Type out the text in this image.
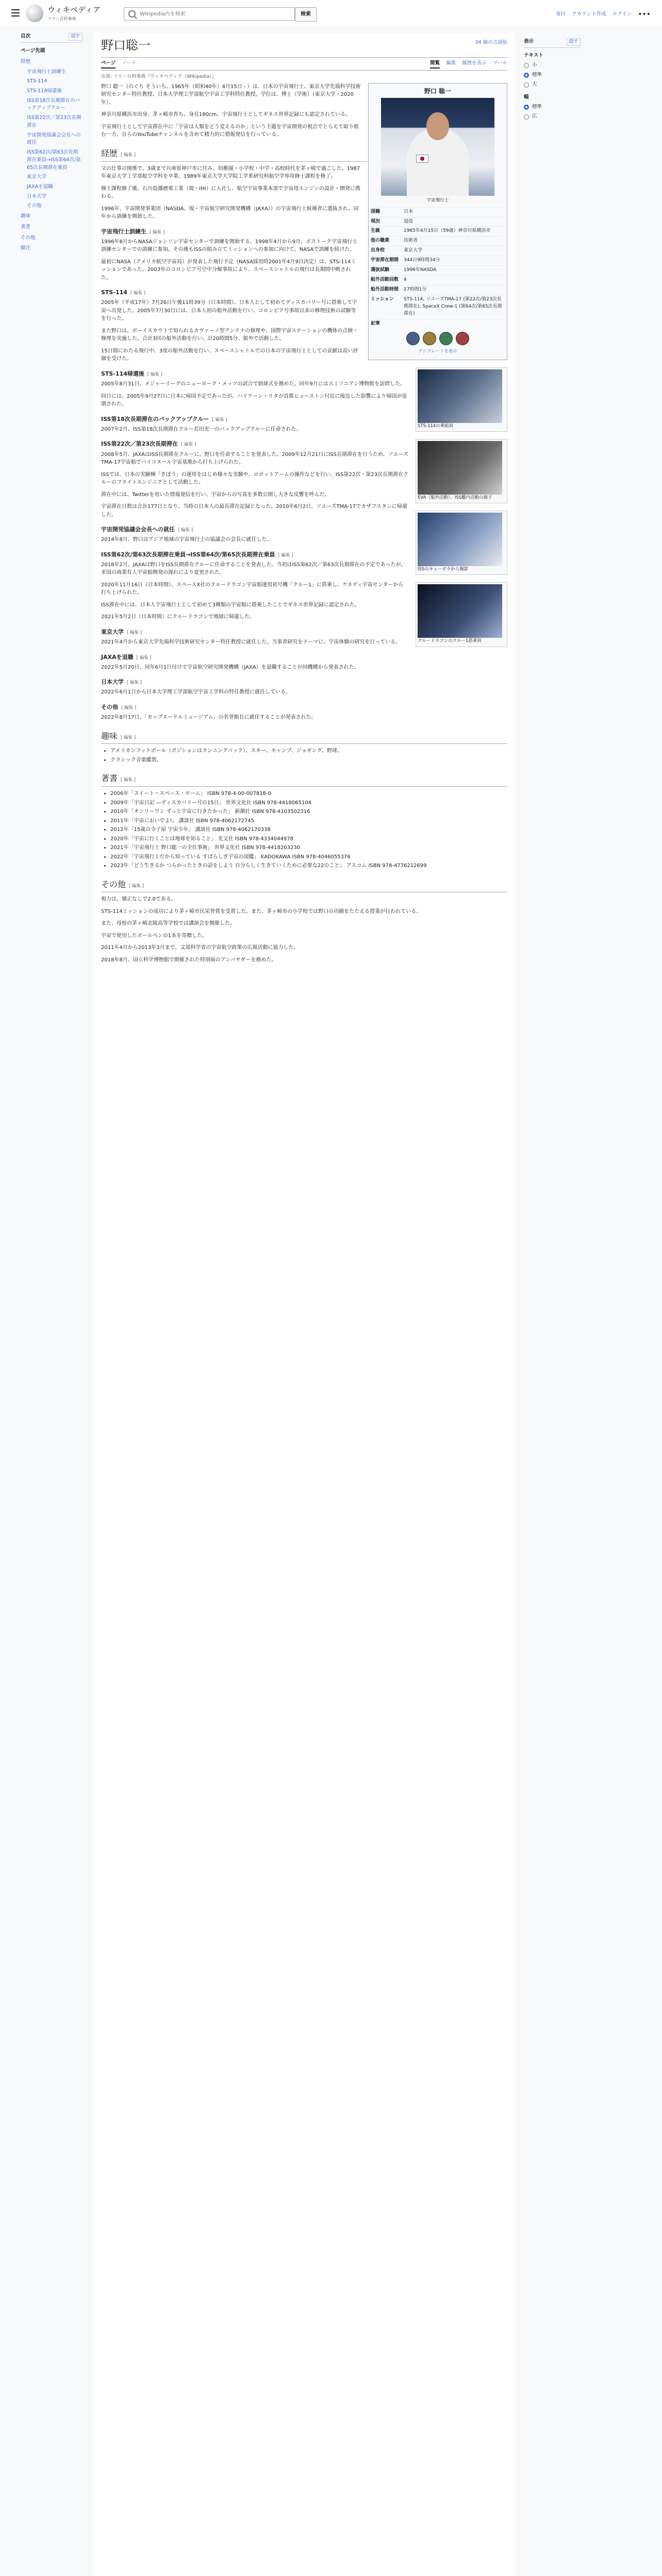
ウィキペディア
フリー百科事典
Wikipedia内を検索
検索	寄付 アカウント作成 ログイン •••
目次	隠す
ページ先頭
経歴
宇宙飛行士訓練生
STS-114
STS-114帰還後
ISS第18次長期滞在のバックアップクルー
ISS第22次／第23次長期滞在
宇宙開発協議会会長への就任
ISS第62次/第63次長期滞在乗員→ISS第64次/第65次長期滞在乗員
東京大学
JAXAを退職
日本大学
その他
趣味
著書
その他
脚注
野口聡一	34 個の言語版
ページ ノート	閲覧 編集 履歴を表示 ツール
出典: フリー百科事典『ウィキペディア（Wikipedia）』
野口 聡一
宇宙飛行士
国籍	日本
現況	退役
生誕	1965年4月15日（59歳）神奈川県横浜市
他の職業	技術者
出身校	東京大学
宇宙滞在期間	344日9時間34分
選抜試験	1996年NASDA
船外活動回数	4
船外活動時間	27時間1分
ミッション	STS-114, ソユーズTMA-17 (第22次/第23次長期滞在), SpaceX Crew-1 (第64次/第65次長期滞在)
記章
テンプレートを表示

野口 聡一（のぐち そういち、1965年（昭和40年）4月15日 - ）は、日本の宇宙飛行士、東京大学先端科学技術研究センター特任教授、日本大学理工学部航空宇宙工学科特任教授。学位は、博士（学術）（東京大学・2020年）。

神奈川県横浜市出身、茅ヶ崎市育ち。身長180cm、宇宙飛行士としてギネス世界記録にも認定されている。

宇宙飛行士として宇宙滞在中に「宇宙は人類をどう変えるのか」という主題を宇宙開発の視点でとらえて取り組む一方、自らのYouTubeチャンネルを含めて精力的に情報発信を行っている。

経歴 [ 編集 ]

父の仕事の関係で、3歳まで兵庫県神戸市に住み、幼稚園・小学校・中学・高校時代を茅ヶ崎で過ごした。1987年東京大学工学部航空学科を卒業、1989年東京大学大学院工学系研究科航空学専攻修士課程を修了。

修士課程修了後、石川島播磨重工業（現・IHI）に入社し、航空宇宙事業本部で宇宙用エンジンの設計・開発に携わる。

1996年、宇宙開発事業団（NASDA、現・宇宙航空研究開発機構（JAXA））の宇宙飛行士候補者に選抜され、同年から訓練を開始した。

宇宙飛行士訓練生 [ 編集 ]

1996年8月からNASAジョンソン宇宙センターで訓練を開始する。1998年4月から9月、ボストーク宇宙飛行士訓練センターでの訓練に参加。その後もISSの組み立てミッションへの参加に向けて、NASAで訓練を続けた。

最初にNASA（アメリカ航空宇宙局）が発表した飛行予定（NASA採用時2001年4月9日決定）は、STS-114ミッションであった。2003年のコロンビア号空中分解事故により、スペースシャトルの飛行は長期間中断された。

STS-114 [ 編集 ]
STS-114の乗組員

2005年（平成17年）7月26日午後11時39分（日本時間）、日本人として初めてディスカバリー号に搭乗して宇宙へ出発した。2005年7月30日には、日本人初の船外活動を行い、コロンビア号事故以来の修理技術の試験等を行った。

また野口は、ボーイスカウトで知られるカヴァーノ型アンテナの修理や、国際宇宙ステーションの機体の点検・修理を実施した。合計3回の船外活動を行い、計20時間5分、船外で活動した。

15日間にわたる飛行中、3度の船外活動を行い、スペースシャトルでの日本の宇宙飛行士としての貢献は高い評価を受けた。

STS-114帰還後 [ 編集 ]
EVA（船外活動）、ISS艦内活動の様子

2005年8月31日、メジャーリーグのニューヨーク・メッツの試合で始球式を務めた。同年9月にはスミソニアン博物館を訪問した。

同日には、2005年9月27日に日本に帰国予定であったが、ハリケーン・リタが首都ヒューストン付近に接近した影響により帰国が延期された。

ISS第18次長期滞在のバックアップクルー [ 編集 ]

2007年2月、ISS第18次長期滞在クルー若田光一のバックアップクルーに任命された。

ISS第22次／第23次長期滞在 [ 編集 ]
ISSのキューポラから撮影

2008年5月、JAXAはISS長期滞在クルーに、野口を任命することを発表した。2009年12月21日にISS長期滞在を行うため、ソユーズTMA-17宇宙船でバイコヌール宇宙基地から打ち上げられた。

ISSでは、日本の実験棟「きぼう」の運用をはじめ様々な実験や、ロボットアームの操作などを行い、ISS第22次・第23次長期滞在クルーのフライトエンジニアとして活動した。

滞在中には、Twitterを用いた情報発信を行い、宇宙からの写真を多数公開し大きな反響を呼んだ。

宇宙滞在日数は合計177日となり、当時の日本人の最長滞在記録となった。2010年6月2日、ソユーズTMA-17でカザフスタンに帰還した。

宇宙開発協議会会長への就任 [ 編集 ]

2014年8月、野口はアジア地域の宇宙飛行士の協議会の会長に就任した。

ISS第62次/第63次長期滞在乗員→ISS第64次/第65次長期滞在乗員 [ 編集 ]
クルードラゴンのクルー1搭乗員

2018年2月、JAXAは野口をISS長期滞在クルーに任命することを発表した。当初はISS第62次／第63次長期滞在の予定であったが、米国の商業有人宇宙船開発の遅れにより変更された。

2020年11月16日（日本時間）、スペースX社のクルードラゴン宇宙船運用初号機「クルー1」に搭乗し、ケネディ宇宙センターから打ち上げられた。

ISS滞在中には、日本人宇宙飛行士として初めて3種類の宇宙船に搭乗したことでギネス世界記録に認定された。

2021年5月2日（日本時間）にクルードラゴンで地球に帰還した。

東京大学 [ 編集 ]

2021年4月から東京大学先端科学技術研究センター特任教授に就任した。当事者研究をテーマに、宇宙体験の研究を行っている。

JAXAを退職 [ 編集 ]

2022年5月20日、同年6月1日付けで宇宙航空研究開発機構（JAXA）を退職することが同機構から発表された。

日本大学 [ 編集 ]

2022年6月1日から日本大学理工学部航空宇宙工学科の特任教授に就任している。

その他 [ 編集 ]

2022年8月17日、「カップヌードルミュージアム」の名誉館長に就任することが発表された。

趣味 [ 編集 ]
• アメリカンフットボール（ポジションはランニングバック）、スキー、キャンプ、ジョギング、野球。
• クラシック音楽鑑賞。
著書 [ 編集 ]
• 2006年「スイート・スペース・ホーム」 ISBN 978-4-00-007818-0
• 2009年「宇宙日記 ―ディスカバリー号の15日」 世界文化社 ISBN 978-4418065104
• 2010年「オンリーワン ずっと宇宙に行きたかった」 新潮社 ISBN 978-4103502316
• 2011年「宇宙においでよ!」 講談社 ISBN 978-4062172745
• 2012年「15歳の寺子屋 宇宙少年」 講談社 ISBN 978-4062170338
• 2020年「宇宙に行くことは地球を知ること」 光文社 ISBN 978-4334044978
• 2021年「宇宙飛行士 野口聡一の全仕事術」 世界文化社 ISBN 978-4418203230
• 2022年「宇宙飛行士だから知っている すばらしき宇宙の図鑑」 KADOKAWA ISBN 978-4046055376
• 2023年「どう生きるか つらかったときの話をしよう 自分らしく生きていくために必要な22のこと」 アスコム ISBN 978-4776212699
その他 [ 編集 ]

視力は、矯正なしで2.0である。

STS-114ミッションの成功により茅ヶ崎市民栄誉賞を受賞した。また、茅ヶ崎市の小学校では野口の功績をたたえる授業が行われている。

また、母校の茅ヶ崎北陵高等学校では講演会を開催した。

宇宙で使用したボールペンの1本を寄贈した。

2011年4月から2013年3月まで、文部科学省の宇宙航空政策の広報活動に協力した。

2018年8月、国立科学博物館で開催された特別展のアンバサダーを務めた。

表示	隠す
テキスト
小
標準
大
幅
標準
広
